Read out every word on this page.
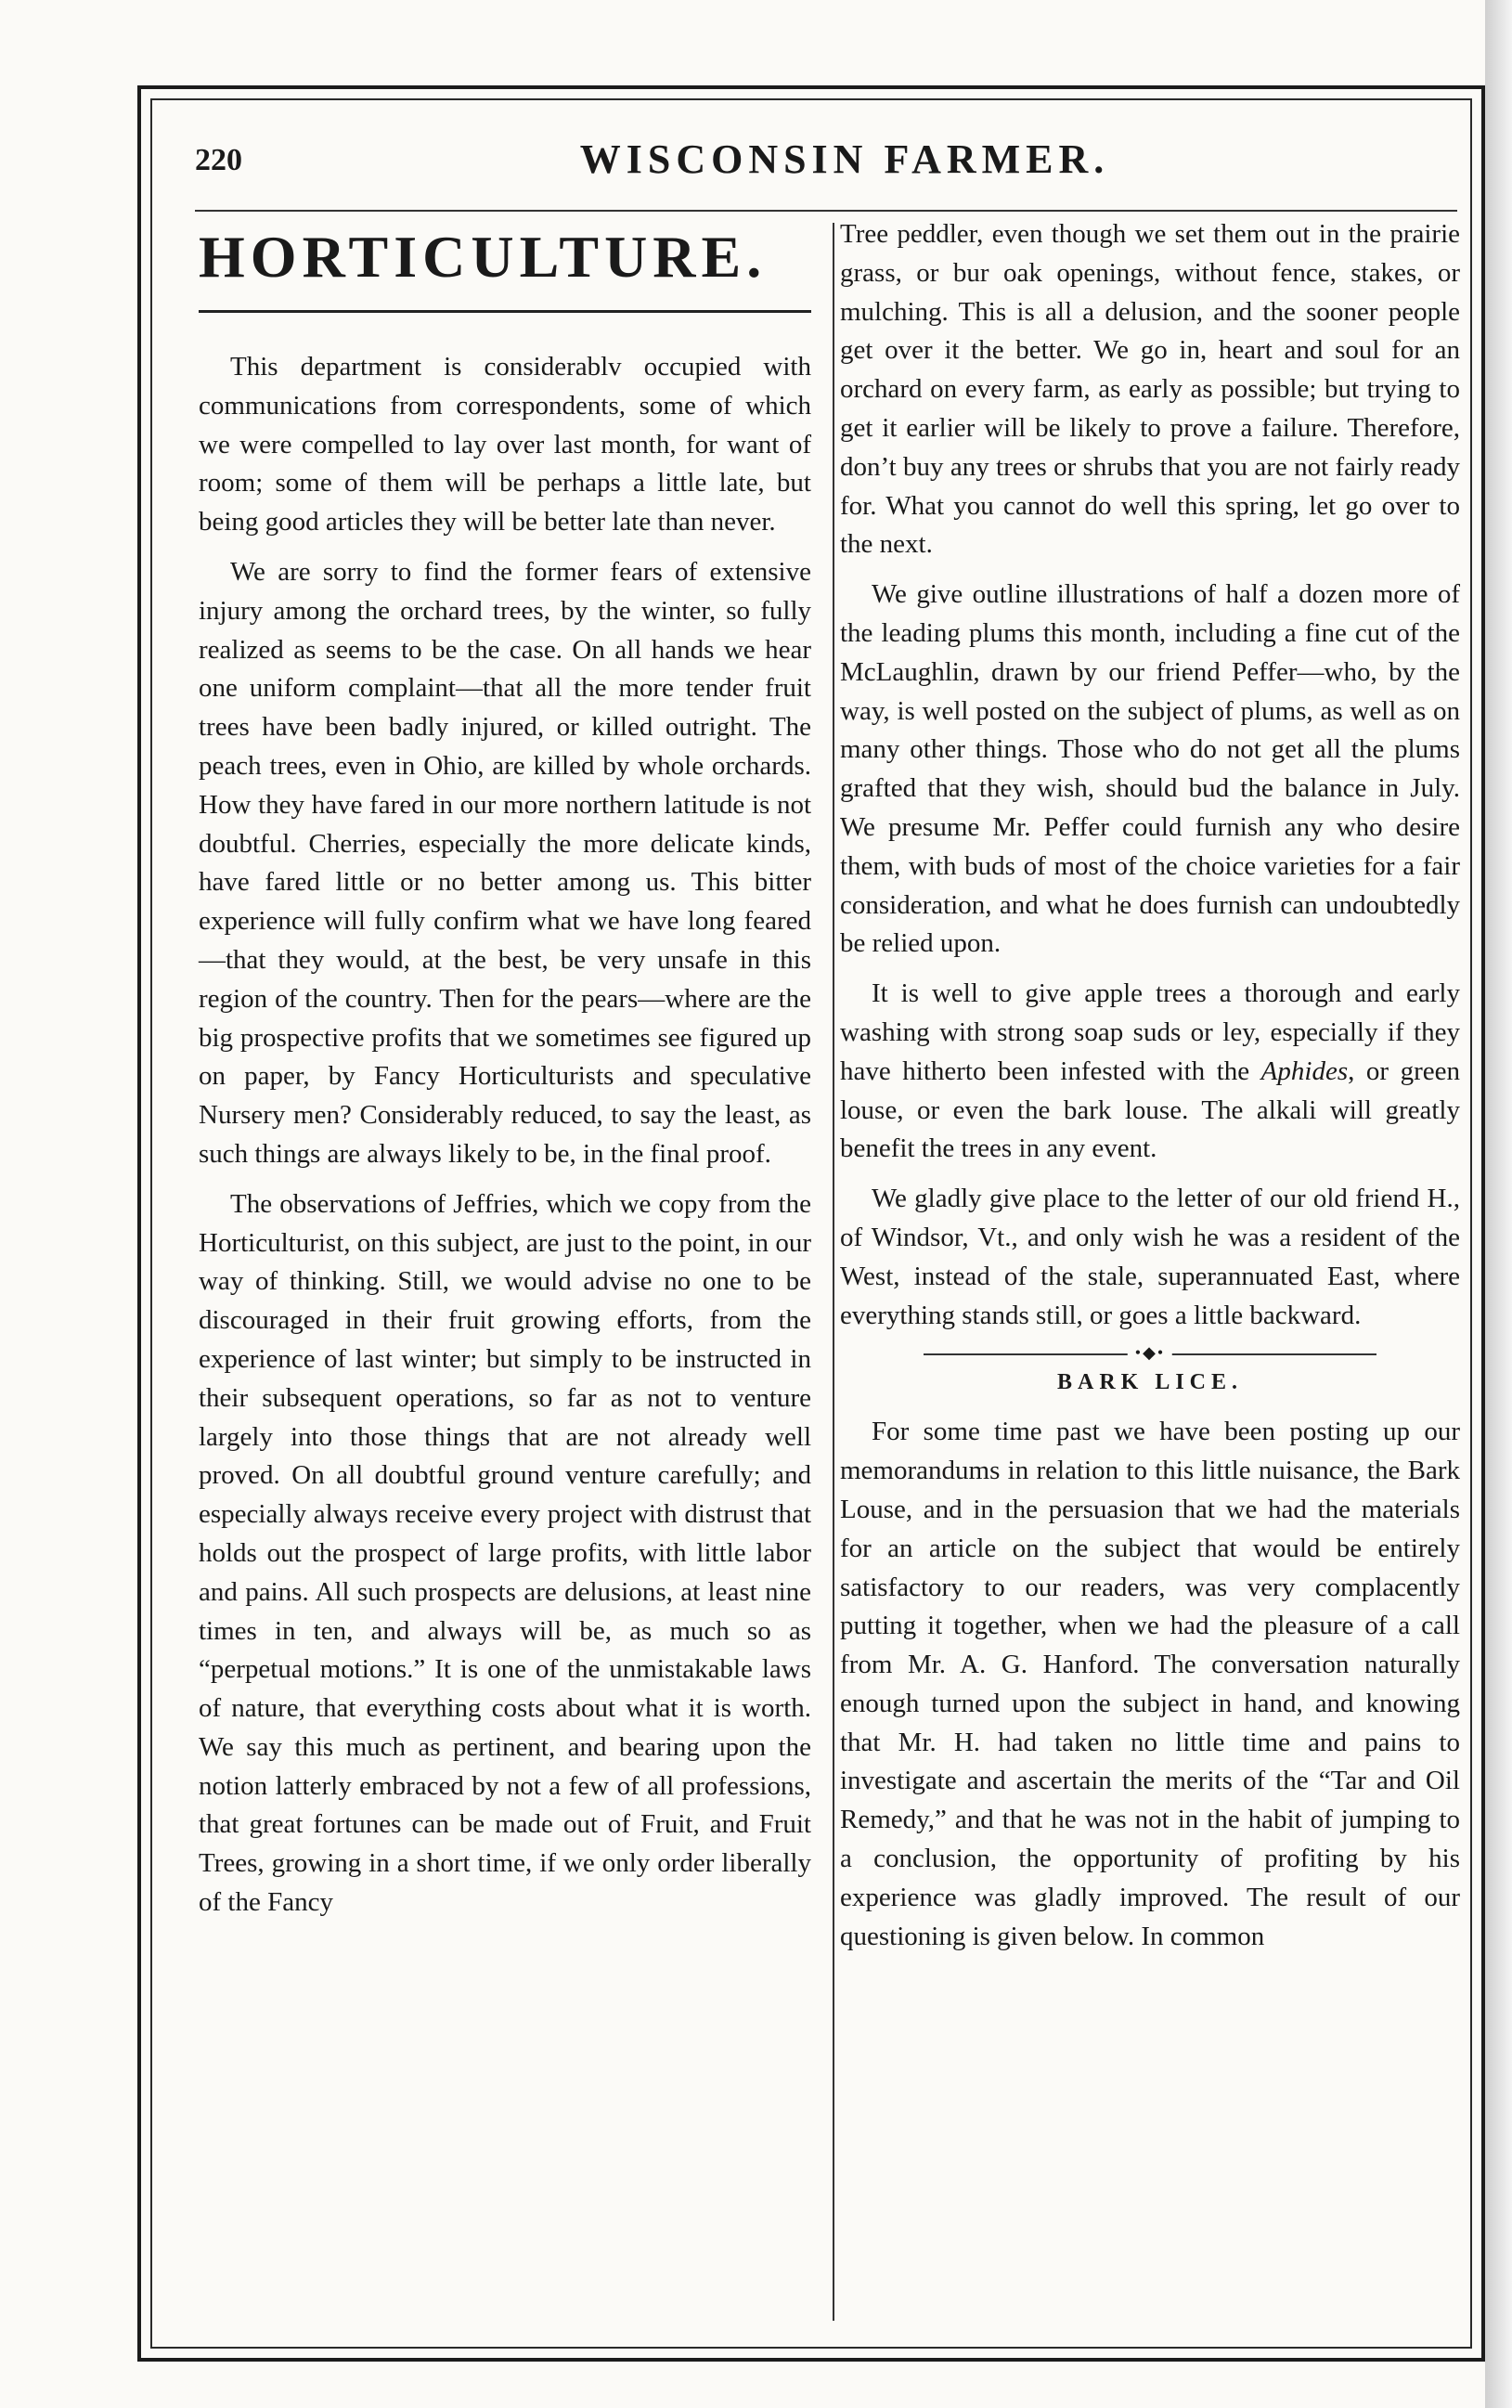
220	WISCONSIN FARMER.
HORTICULTURE.

This department is considerablv occupied with communications from correspondents, some of which we were compelled to lay over last month, for want of room; some of them will be perhaps a little late, but being good articles they will be better late than never.

We are sorry to find the former fears of extensive injury among the orchard trees, by the winter, so fully realized as seems to be the case. On all hands we hear one uniform complaint—that all the more tender fruit trees have been badly injured, or killed outright. The peach trees, even in Ohio, are killed by whole orchards. How they have fared in our more northern latitude is not doubtful. Cherries, especially the more delicate kinds, have fared little or no better among us. This bitter experience will fully confirm what we have long feared—that they would, at the best, be very unsafe in this region of the country. Then for the pears—where are the big prospective profits that we sometimes see figured up on paper, by Fancy Horticulturists and speculative Nursery men? Considerably reduced, to say the least, as such things are always likely to be, in the final proof.

The observations of Jeffries, which we copy from the Horticulturist, on this subject, are just to the point, in our way of thinking. Still, we would advise no one to be discouraged in their fruit growing efforts, from the experience of last winter; but simply to be instructed in their subsequent operations, so far as not to venture largely into those things that are not already well proved. On all doubtful ground venture carefully; and especially always receive every project with distrust that holds out the prospect of large profits, with little labor and pains. All such prospects are delusions, at least nine times in ten, and always will be, as much so as “perpetual motions.” It is one of the unmistakable laws of nature, that everything costs about what it is worth. We say this much as pertinent, and bearing upon the notion latterly embraced by not a few of all professions, that great fortunes can be made out of Fruit, and Fruit Trees, growing in a short time, if we only order liberally of the Fancy

Tree peddler, even though we set them out in the prairie grass, or bur oak openings, without fence, stakes, or mulching. This is all a delusion, and the sooner people get over it the better. We go in, heart and soul for an orchard on every farm, as early as possible; but trying to get it earlier will be likely to prove a failure. Therefore, don’t buy any trees or shrubs that you are not fairly ready for. What you cannot do well this spring, let go over to the next.

We give outline illustrations of half a dozen more of the leading plums this month, including a fine cut of the McLaughlin, drawn by our friend Peffer—who, by the way, is well posted on the subject of plums, as well as on many other things. Those who do not get all the plums grafted that they wish, should bud the balance in July. We presume Mr. Peffer could furnish any who desire them, with buds of most of the choice varieties for a fair consideration, and what he does furnish can undoubtedly be relied upon.

It is well to give apple trees a thorough and early washing with strong soap suds or ley, especially if they have hitherto been infested with the Aphides, or green louse, or even the bark louse. The alkali will greatly benefit the trees in any event.

We gladly give place to the letter of our old friend H., of Windsor, Vt., and only wish he was a resident of the West, instead of the stale, superannuated East, where everything stands still, or goes a little backward.

•◆•
BARK LICE.

For some time past we have been posting up our memorandums in relation to this little nuisance, the Bark Louse, and in the persuasion that we had the materials for an article on the subject that would be entirely satisfactory to our readers, was very complacently putting it together, when we had the pleasure of a call from Mr. A. G. Hanford. The conversation naturally enough turned upon the subject in hand, and knowing that Mr. H. had taken no little time and pains to investigate and ascertain the merits of the “Tar and Oil Remedy,” and that he was not in the habit of jumping to a conclusion, the opportunity of profiting by his experience was gladly improved. The result of our questioning is given below. In common
